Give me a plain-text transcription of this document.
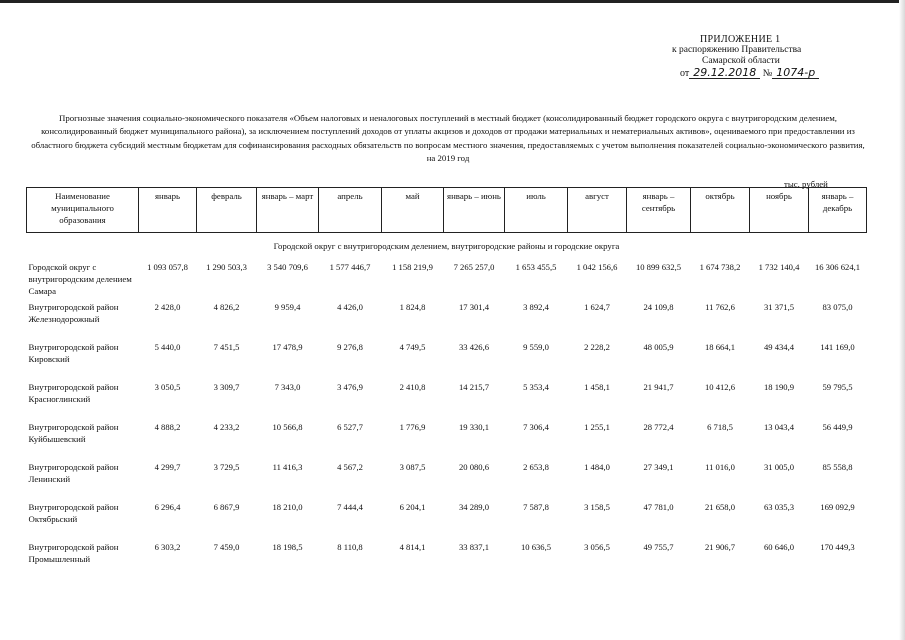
ПРИЛОЖЕНИЕ 1
к распоряжению Правительства
Самарской области
от 29.12.2018 № 1074-р
Прогнозные значения социально-экономического показателя «Объем налоговых и неналоговых поступлений в местный бюджет (консолидированный бюджет городского округа с внутригородским делением, консолидированный бюджет муниципального района), за исключением поступлений доходов от уплаты акцизов и доходов от продажи материальных и нематериальных активов», оцениваемого при предоставлении из областного бюджета субсидий местным бюджетам для софинансирования расходных обязательств по вопросам местного значения, предоставляемых с учетом выполнения показателей социально-экономического развития, на 2019 год
тыс. рублей
Наименование муниципального образования	январь	февраль	январь – март	апрель	май	январь – июнь	июль	август	январь – сентябрь	октябрь	ноябрь	январь – декабрь
Городской округ с внутригородским делением, внутригородские районы и городские округа												
Городской округ с внутригородским делением Самара	1 093 057,8	1 290 503,3	3 540 709,6	1 577 446,7	1 158 219,9	7 265 257,0	1 653 455,5	1 042 156,6	10 899 632,5	1 674 738,2	1 732 140,4	16 306 624,1
Внутригородской район Железнодорожный	2 428,0	4 826,2	9 959,4	4 426,0	1 824,8	17 301,4	3 892,4	1 624,7	24 109,8	11 762,6	31 371,5	83 075,0
Внутригородской район Кировский	5 440,0	7 451,5	17 478,9	9 276,8	4 749,5	33 426,6	9 559,0	2 228,2	48 005,9	18 664,1	49 434,4	141 169,0
Внутригородской район Красноглинский	3 050,5	3 309,7	7 343,0	3 476,9	2 410,8	14 215,7	5 353,4	1 458,1	21 941,7	10 412,6	18 190,9	59 795,5
Внутригородской район Куйбышевский	4 888,2	4 233,2	10 566,8	6 527,7	1 776,9	19 330,1	7 306,4	1 255,1	28 772,4	6 718,5	13 043,4	56 449,9
Внутригородской район Ленинский	4 299,7	3 729,5	11 416,3	4 567,2	3 087,5	20 080,6	2 653,8	1 484,0	27 349,1	11 016,0	31 005,0	85 558,8
Внутригородской район Октябрьский	6 296,4	6 867,9	18 210,0	7 444,4	6 204,1	34 289,0	7 587,8	3 158,5	47 781,0	21 658,0	63 035,3	169 092,9
Внутригородской район Промышленный	6 303,2	7 459,0	18 198,5	8 110,8	4 814,1	33 837,1	10 636,5	3 056,5	49 755,7	21 906,7	60 646,0	170 449,3
